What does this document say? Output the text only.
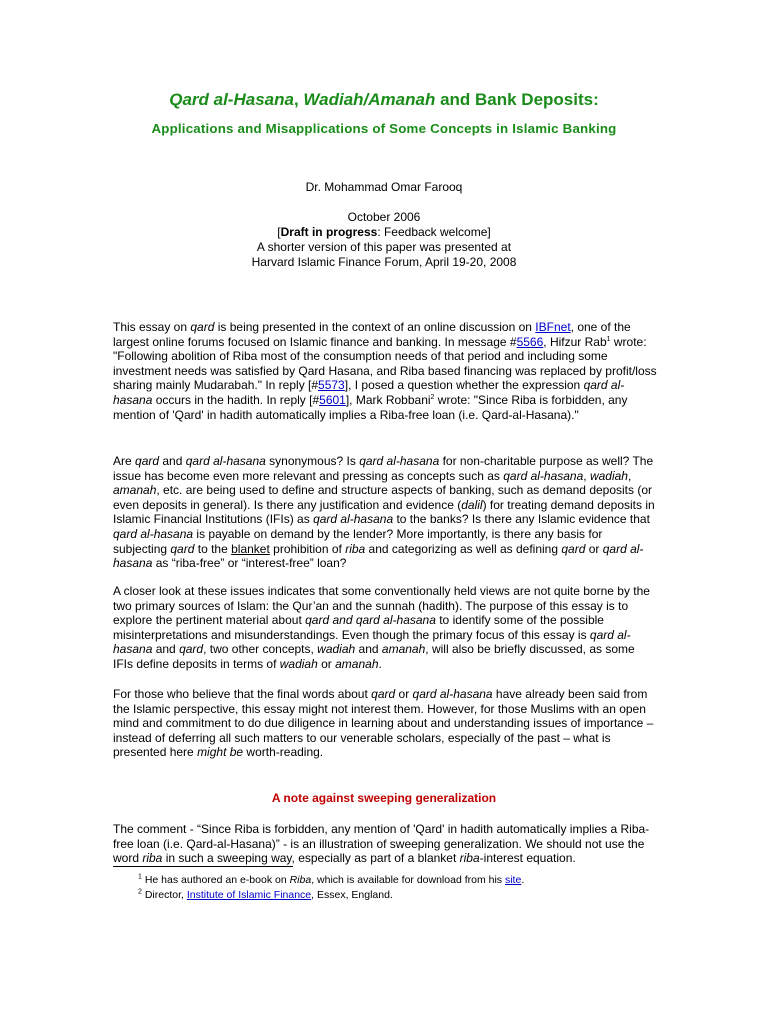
Qard al-Hasana, Wadiah/Amanah and Bank Deposits:
Applications and Misapplications of Some Concepts in Islamic Banking
Dr. Mohammad Omar Farooq
October 2006
[Draft in progress: Feedback welcome]
A shorter version of this paper was presented at
Harvard Islamic Finance Forum, April 19-20, 2008

This essay on qard is being presented in the context of an online discussion on IBFnet, one of the largest online forums focused on Islamic finance and banking. In message #5566, Hifzur Rab$^1$ wrote: "Following abolition of Riba most of the consumption needs of that period and including some investment needs was satisfied by Qard Hasana, and Riba based financing was replaced by profit/loss sharing mainly Mudarabah." In reply [#5573], I posed a question whether the expression qard al-hasana occurs in the hadith. In reply [#5601], Mark Robbani$^2$ wrote: "Since Riba is forbidden, any mention of 'Qard' in hadith automatically implies a Riba-free loan (i.e. Qard-al-Hasana)."

Are qard and qard al-hasana synonymous? Is qard al-hasana for non-charitable purpose as well? The issue has become even more relevant and pressing as concepts such as qard al-hasana, wadiah, amanah, etc. are being used to define and structure aspects of banking, such as demand deposits (or even deposits in general). Is there any justification and evidence (dalil) for treating demand deposits in Islamic Financial Institutions (IFIs) as qard al-hasana to the banks? Is there any Islamic evidence that qard al-hasana is payable on demand by the lender? More importantly, is there any basis for subjecting qard to the blanket prohibition of riba and categorizing as well as defining qard or qard al-hasana as “riba-free” or “interest-free” loan?

A closer look at these issues indicates that some conventionally held views are not quite borne by the two primary sources of Islam: the Qur’an and the sunnah (hadith). The purpose of this essay is to explore the pertinent material about qard and qard al-hasana to identify some of the possible misinterpretations and misunderstandings. Even though the primary focus of this essay is qard al-hasana and qard, two other concepts, wadiah and amanah, will also be briefly discussed, as some IFIs define deposits in terms of wadiah or amanah.

For those who believe that the final words about qard or qard al-hasana have already been said from the Islamic perspective, this essay might not interest them. However, for those Muslims with an open mind and commitment to do due diligence in learning about and understanding issues of importance – instead of deferring all such matters to our venerable scholars, especially of the past – what is presented here might be worth-reading.

A note against sweeping generalization

The comment - “Since Riba is forbidden, any mention of 'Qard' in hadith automatically implies a Riba-free loan (i.e. Qard-al-Hasana)” - is an illustration of sweeping generalization. We should not use the word riba in such a sweeping way, especially as part of a blanket riba-interest equation.

$^1$ He has authored an e-book on Riba, which is available for download from his site.
$^2$ Director, Institute of Islamic Finance, Essex, England.
